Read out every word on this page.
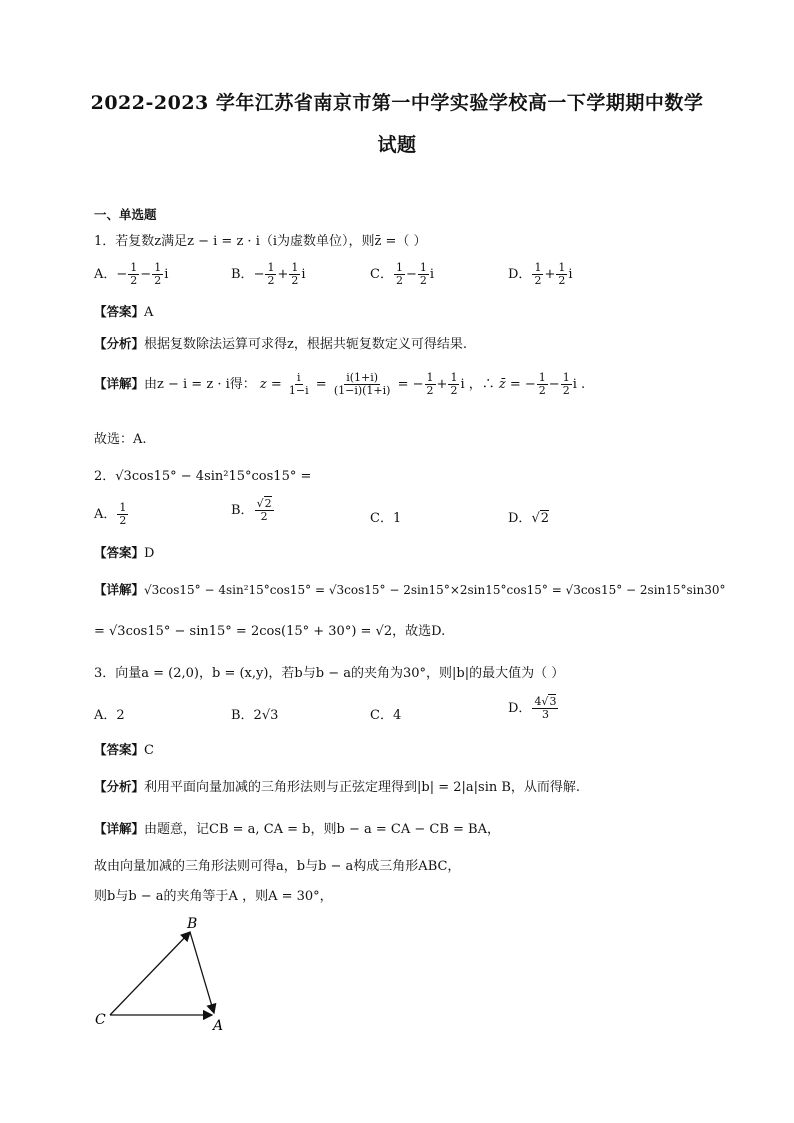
2022-2023 学年江苏省南京市第一中学实验学校高一下学期期中数学
试题
一、单选题
1．若复数z满足z − i = z · i（i为虚数单位），则z̄ =（ ）
A．− $\frac{1}{2} - \frac{1}{2}$ i	B．− $\frac{1}{2} + \frac{1}{2}$ i	C． $\frac{1}{2} - \frac{1}{2}$ i	D． $\frac{1}{2} + \frac{1}{2}$ i
【答案】A
【分析】根据复数除法运算可求得z，根据共轭复数定义可得结果.
【详解】由z − i = z · i得： $z = \frac{i}{1-i} = \frac{i(1+i)}{(1-i)(1+i)}$ = − $\frac{1}{2} + \frac{1}{2}$ i ，∴ z̄ = − $\frac{1}{2} - \frac{1}{2}$ i .
故选：A.
2．√3cos15° − 4sin²15°cos15° =
A． $\frac{1}{2}$	B． $\frac{√2}{2}$	C．1	D．√2
【答案】D
【详解】√3cos15° − 4sin²15°cos15° = √3cos15° − 2sin15°×2sin15°cos15° = √3cos15° − 2sin15°sin30°
= √3cos15° − sin15° = 2cos(15° + 30°) = √2，故选D.
3．向量a = (2,0)，b = (x,y)，若b与b − a的夹角为30°，则|b|的最大值为（ ）
A．2	B．2√3	C．4	D． $\frac{4√3}{3}$
【答案】C
【分析】利用平面向量加减的三角形法则与正弦定理得到|b| = 2|a|sin B，从而得解.
【详解】由题意，记CB = a, CA = b，则b − a = CA − CB = BA，
故由向量加减的三角形法则可得a，b与b − a构成三角形ABC，
则b与b − a的夹角等于A ，则A = 30°，
B
C	A
